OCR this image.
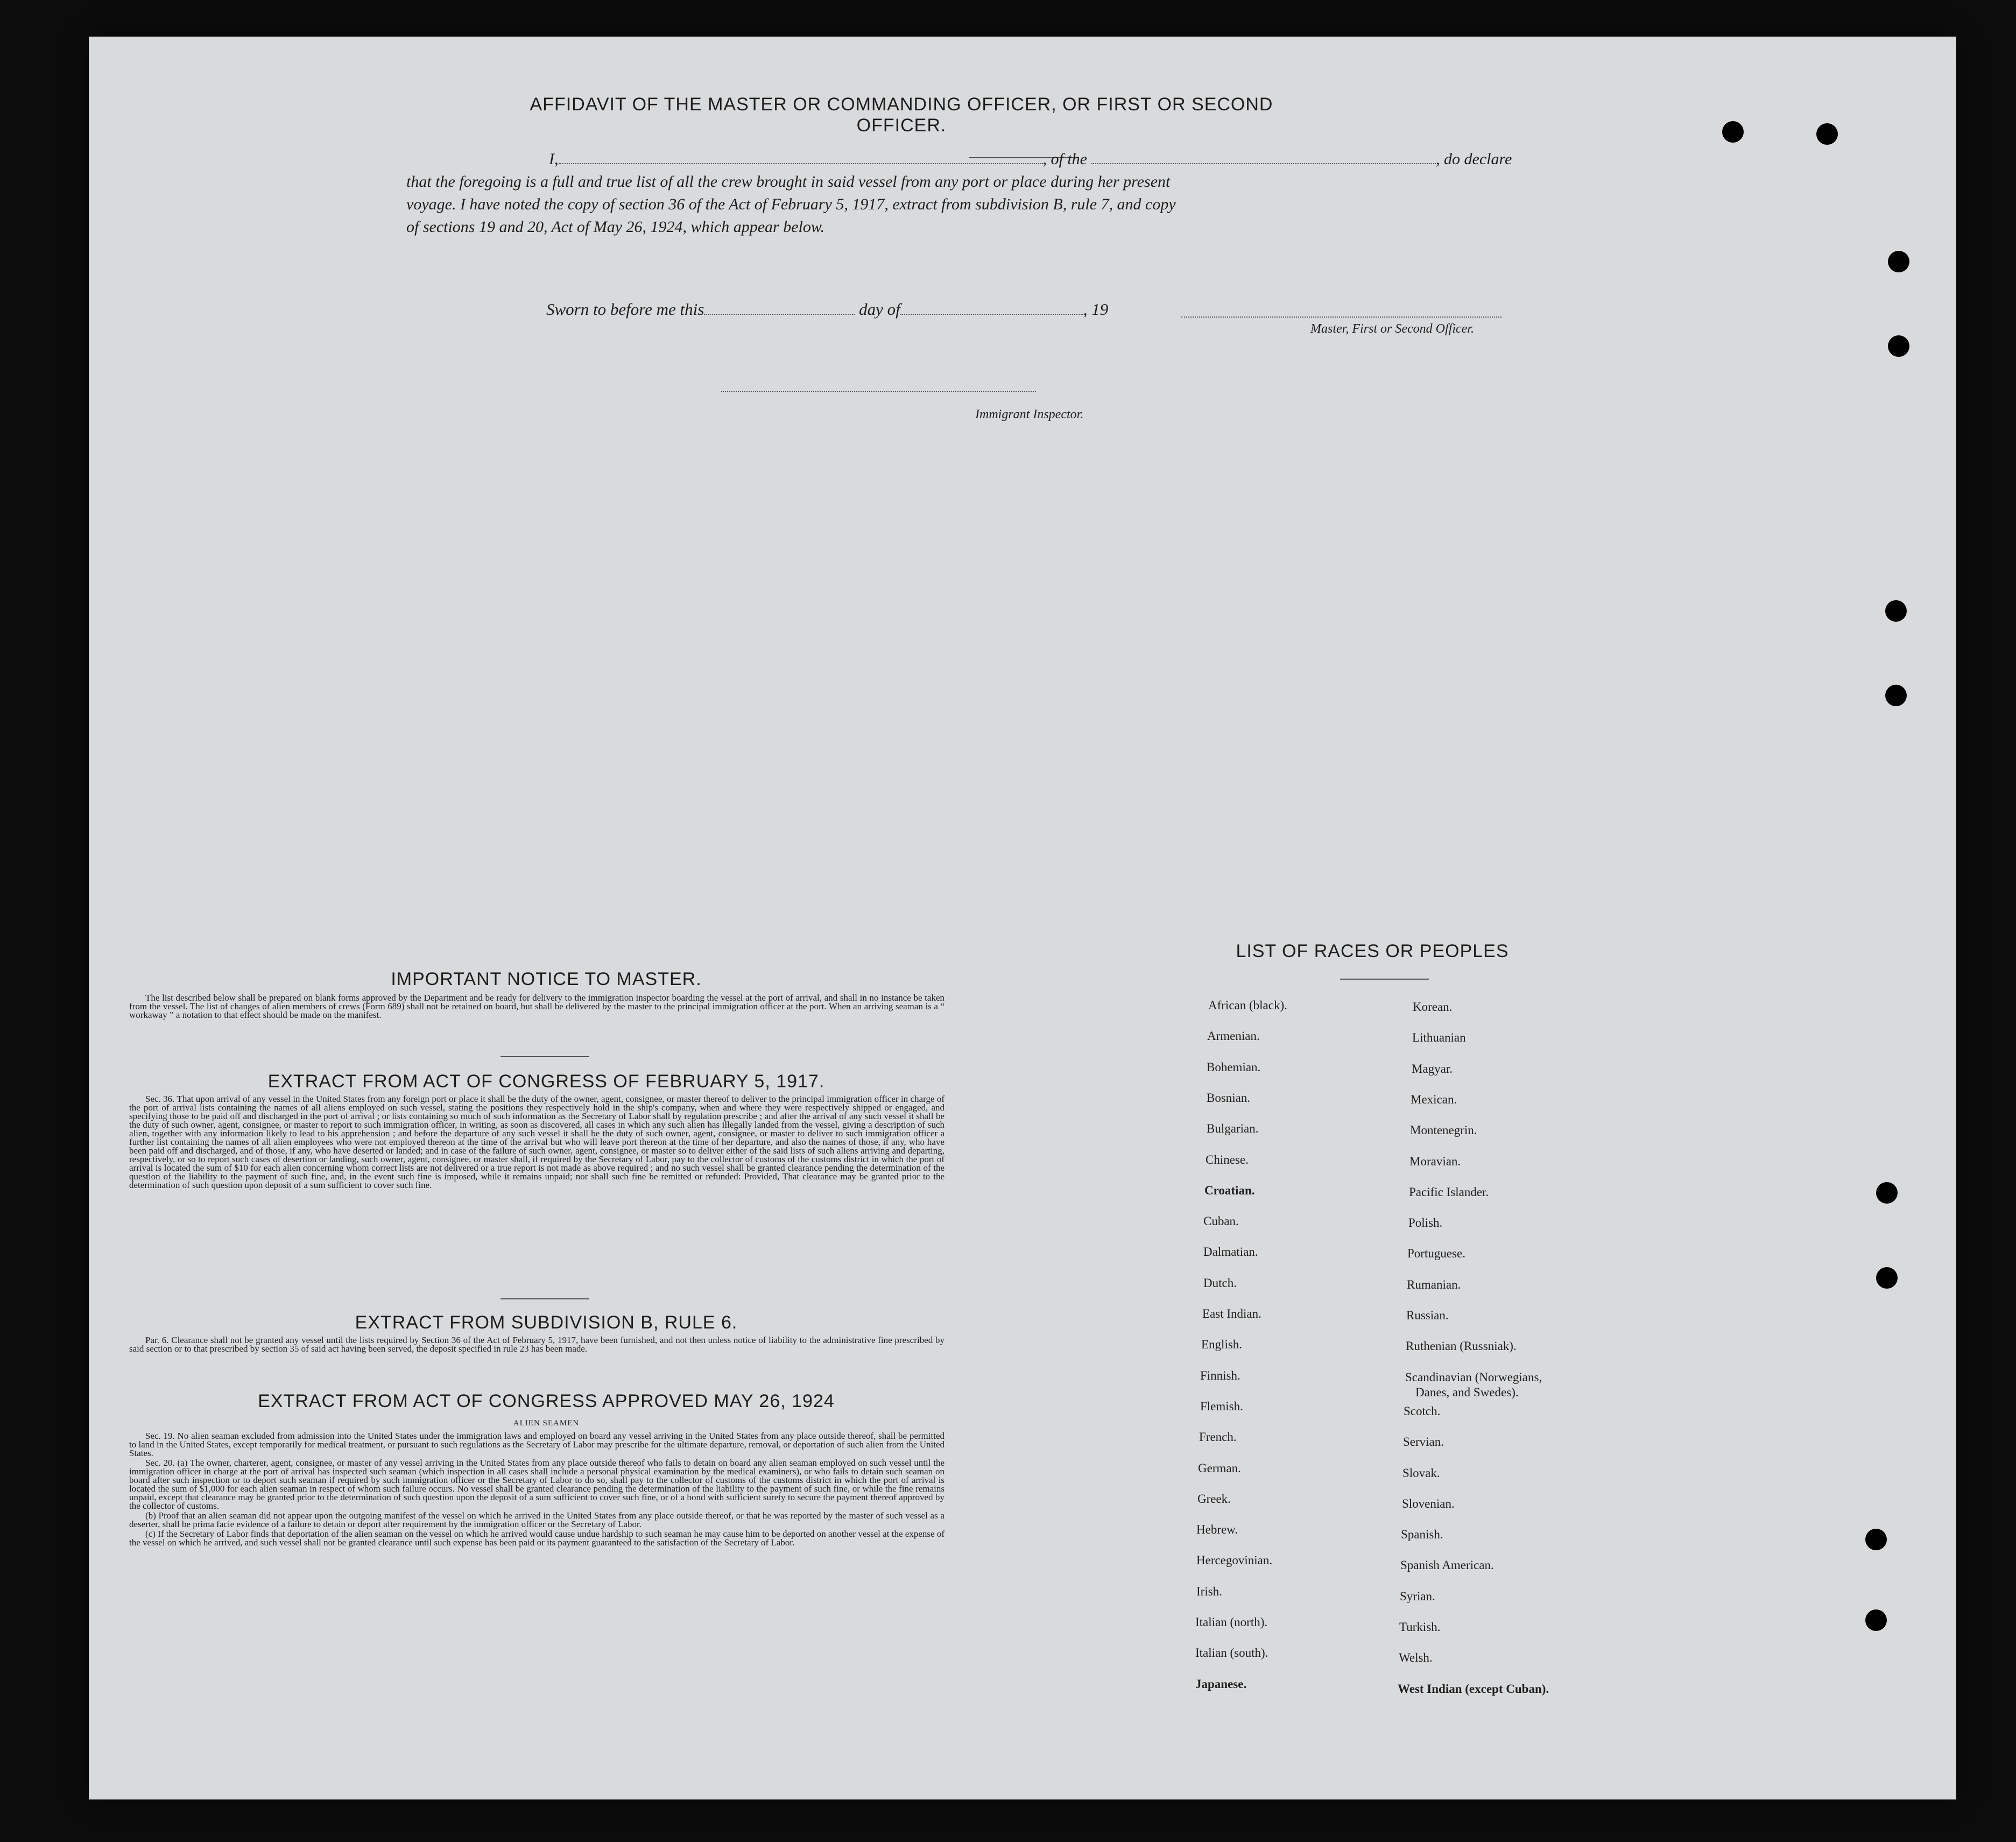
AFFIDAVIT OF THE MASTER OR COMMANDING OFFICER, OR FIRST OR SECOND OFFICER.

I,	, of the	, do declare

that the foregoing is a full and true list of all the crew brought in said vessel from any port or place during her present

voyage. I have noted the copy of section 36 of the Act of February 5, 1917, extract from subdivision B, rule 7, and copy

of sections 19 and 20, Act of May 26, 1924, which appear below.

Master, First or Second Officer.
Sworn to before me this	day of	, 19
Immigrant Inspector.
IMPORTANT NOTICE TO MASTER.

The list described below shall be prepared on blank forms approved by the Department and be ready for delivery to the immigration inspector boarding the vessel at the port of arrival, and shall in no instance be taken from the vessel. The list of changes of alien members of crews (Form 689) shall not be retained on board, but shall be delivered by the master to the principal immigration officer at the port. When an arriving seaman is a “ workaway ” a notation to that effect should be made on the manifest.

EXTRACT FROM ACT OF CONGRESS OF FEBRUARY 5, 1917.

Sec. 36. That upon arrival of any vessel in the United States from any foreign port or place it shall be the duty of the owner, agent, consignee, or master thereof to deliver to the principal immigration officer in charge of the port of arrival lists containing the names of all aliens employed on such vessel, stating the positions they respectively hold in the ship's company, when and where they were respectively shipped or engaged, and specifying those to be paid off and discharged in the port of arrival ; or lists containing so much of such information as the Secretary of Labor shall by regulation prescribe ; and after the arrival of any such vessel it shall be the duty of such owner, agent, consignee, or master to report to such immigration officer, in writing, as soon as discovered, all cases in which any such alien has illegally landed from the vessel, giving a description of such alien, together with any information likely to lead to his apprehension ; and before the departure of any such vessel it shall be the duty of such owner, agent, consignee, or master to deliver to such immigration officer a further list containing the names of all alien employees who were not employed thereon at the time of the arrival but who will leave port thereon at the time of her departure, and also the names of those, if any, who have been paid off and discharged, and of those, if any, who have deserted or landed; and in case of the failure of such owner, agent, consignee, or master so to deliver either of the said lists of such aliens arriving and departing, respectively, or so to report such cases of desertion or landing, such owner, agent, consignee, or master shall, if required by the Secretary of Labor, pay to the collector of customs of the customs district in which the port of arrival is located the sum of $10 for each alien concerning whom correct lists are not delivered or a true report is not made as above required ; and no such vessel shall be granted clearance pending the determination of the question of the liability to the payment of such fine, and, in the event such fine is imposed, while it remains unpaid; nor shall such fine be remitted or refunded: Provided, That clearance may be granted prior to the determination of such question upon deposit of a sum sufficient to cover such fine.

EXTRACT FROM SUBDIVISION B, RULE 6.

Par. 6. Clearance shall not be granted any vessel until the lists required by Section 36 of the Act of February 5, 1917, have been furnished, and not then unless notice of liability to the administrative fine prescribed by said section or to that prescribed by section 35 of said act having been served, the deposit specified in rule 23 has been made.

EXTRACT FROM ACT OF CONGRESS APPROVED MAY 26, 1924
ALIEN SEAMEN

Sec. 19. No alien seaman excluded from admission into the United States under the immigration laws and employed on board any vessel arriving in the United States from any place outside thereof, shall be permitted to land in the United States, except temporarily for medical treatment, or pursuant to such regulations as the Secretary of Labor may prescribe for the ultimate departure, removal, or deportation of such alien from the United States.

Sec. 20. (a) The owner, charterer, agent, consignee, or master of any vessel arriving in the United States from any place outside thereof who fails to detain on board any alien seaman employed on such vessel until the immigration officer in charge at the port of arrival has inspected such seaman (which inspection in all cases shall include a personal physical examination by the medical examiners), or who fails to detain such seaman on board after such inspection or to deport such seaman if required by such immigration officer or the Secretary of Labor to do so, shall pay to the collector of customs of the customs district in which the port of arrival is located the sum of $1,000 for each alien seaman in respect of whom such failure occurs. No vessel shall be granted clearance pending the determination of the liability to the payment of such fine, or while the fine remains unpaid, except that clearance may be granted prior to the determination of such question upon the deposit of a sum sufficient to cover such fine, or of a bond with sufficient surety to secure the payment thereof approved by the collector of customs.

(b) Proof that an alien seaman did not appear upon the outgoing manifest of the vessel on which he arrived in the United States from any place outside thereof, or that he was reported by the master of such vessel as a deserter, shall be prima facie evidence of a failure to detain or deport after requirement by the immigration officer or the Secretary of Labor.

(c) If the Secretary of Labor finds that deportation of the alien seaman on the vessel on which he arrived would cause undue hardship to such seaman he may cause him to be deported on another vessel at the expense of the vessel on which he arrived, and such vessel shall not be granted clearance until such expense has been paid or its payment guaranteed to the satisfaction of the Secretary of Labor.

LIST OF RACES OR PEOPLES
African (black).
Armenian.
Bohemian.
Bosnian.
Bulgarian.
Chinese.
Croatian.
Cuban.
Dalmatian.
Dutch.
East Indian.
English.
Finnish.
Flemish.
French.
German.
Greek.
Hebrew.
Hercegovinian.
Irish.
Italian (north).
Italian (south).
Japanese.
Korean.
Lithuanian
Magyar.
Mexican.
Montenegrin.
Moravian.
Pacific Islander.
Polish.
Portuguese.
Rumanian.
Russian.
Ruthenian (Russniak).
Scandinavian (Norwegians,
Danes, and Swedes).
Scotch.
Servian.
Slovak.
Slovenian.
Spanish.
Spanish American.
Syrian.
Turkish.
Welsh.
West Indian (except Cuban).
